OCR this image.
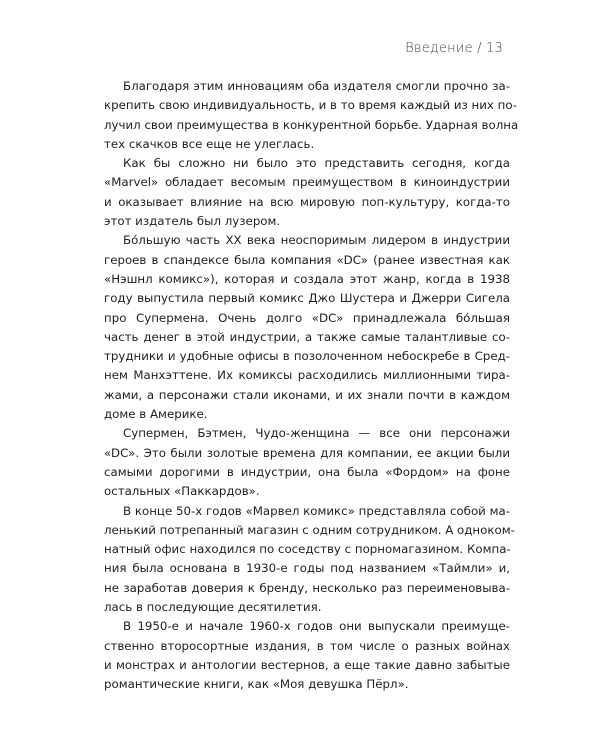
Введение / 13
Благодаря этим инновациям оба издателя смогли прочно за-
крепить свою индивидуальность, и в то время каждый из них по-
лучил свои преимущества в конкурентной борьбе. Ударная волна
тех скачков все еще не улеглась.
Как бы сложно ни было это представить сегодня, когда
«Marvel» обладает весомым преимуществом в киноиндустрии
и оказывает влияние на всю мировую поп-культуру, когда-то
этот издатель был лузером.
Бо́льшую часть XX века неоспоримым лидером в индустрии
героев в спандексе была компания «DC» (ранее известная как
«Нэшнл комикс»), которая и создала этот жанр, когда в 1938
году выпустила первый комикс Джо Шустера и Джерри Сигела
про Супермена. Очень долго «DC» принадлежала бо́льшая
часть денег в этой индустрии, а также самые талантливые со-
трудники и удобные офисы в позолоченном небоскребе в Сред-
нем Манхэттене. Их комиксы расходились миллионными тира-
жами, а персонажи стали иконами, и их знали почти в каждом
доме в Америке.
Супермен, Бэтмен, Чудо-женщина — все они персонажи
«DC». Это были золотые времена для компании, ее акции были
самыми дорогими в индустрии, она была «Фордом» на фоне
остальных «Паккардов».
В конце 50-х годов «Марвел комикс» представляла собой ма-
ленький потрепанный магазин с одним сотрудником. А одноком-
натный офис находился по соседству с порномагазином. Компа-
ния была основана в 1930-е годы под названием «Таймли» и,
не заработав доверия к бренду, несколько раз переименовыва-
лась в последующие десятилетия.
В 1950-е и начале 1960-х годов они выпускали преимуще-
ственно второсортные издания, в том числе о разных войнах
и монстрах и антологии вестернов, а еще такие давно забытые
романтические книги, как «Моя девушка Пёрл».
